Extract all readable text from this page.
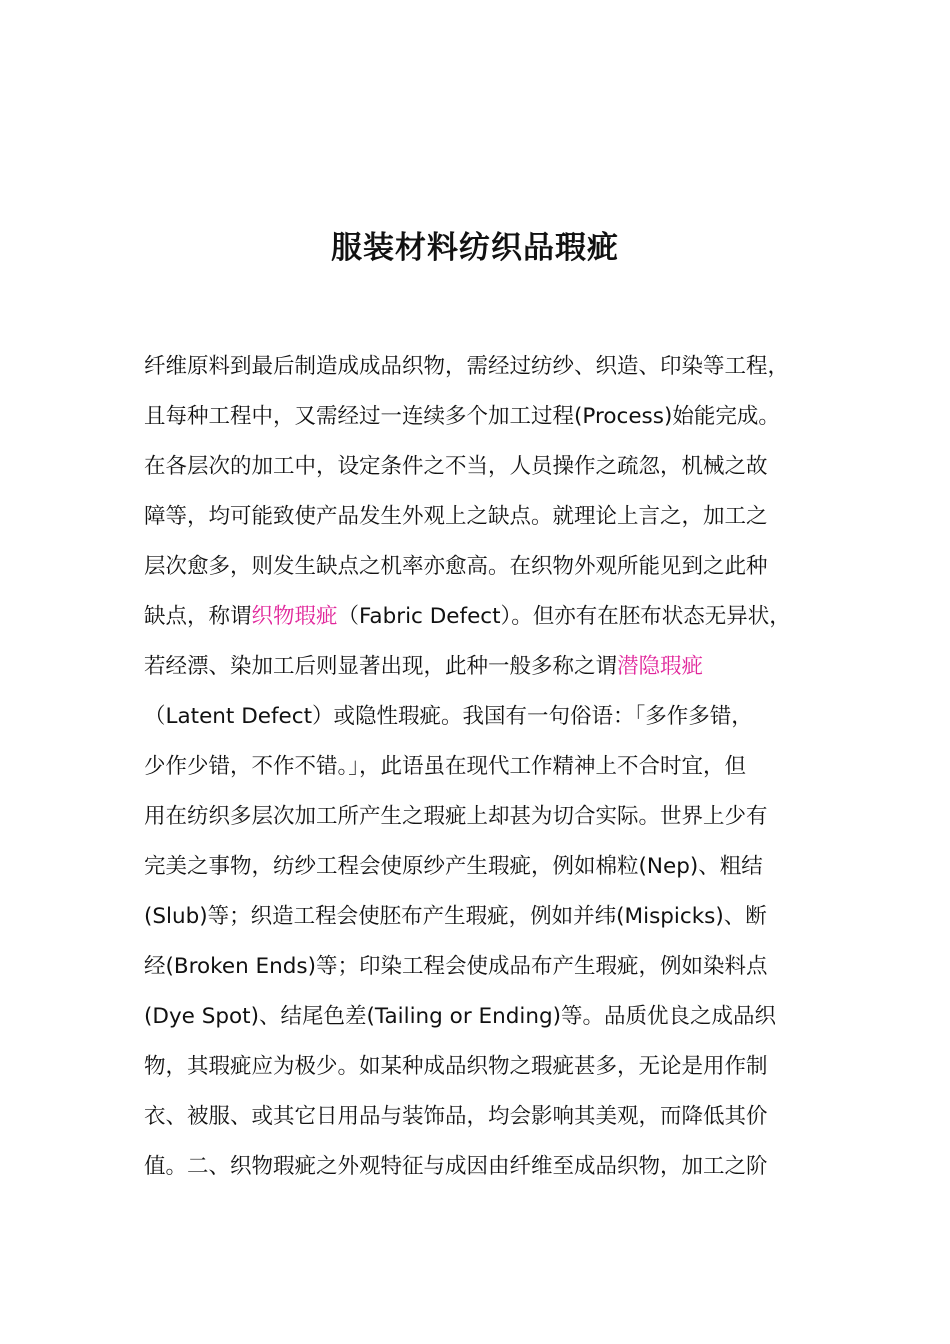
服装材料纺织品瑕疵
纤维原料到最后制造成成品织物，需经过纺纱、织造、印染等工程，
且每种工程中，又需经过一连续多个加工过程(Process)始能完成。
在各层次的加工中，设定条件之不当，人员操作之疏忽，机械之故
障等，均可能致使产品发生外观上之缺点。就理论上言之，加工之
层次愈多，则发生缺点之机率亦愈高。在织物外观所能见到之此种
缺点，称谓织物瑕疵（Fabric Defect）。但亦有在胚布状态无异状，
若经漂、染加工后则显著出现，此种一般多称之谓潜隐瑕疵
（Latent Defect）或隐性瑕疵。我国有一句俗语：「多作多错，
少作少错，不作不错。」，此语虽在现代工作精神上不合时宜，但
用在纺织多层次加工所产生之瑕疵上却甚为切合实际。世界上少有
完美之事物，纺纱工程会使原纱产生瑕疵，例如棉粒(Nep)、粗结
(Slub)等；织造工程会使胚布产生瑕疵，例如并纬(Mispicks)、断
经(Broken Ends)等；印染工程会使成品布产生瑕疵，例如染料点
(Dye Spot)、结尾色差(Tailing or Ending)等。品质优良之成品织
物，其瑕疵应为极少。如某种成品织物之瑕疵甚多，无论是用作制
衣、被服、或其它日用品与装饰品，均会影响其美观，而降低其价
值。二、织物瑕疵之外观特征与成因由纤维至成品织物，加工之阶
